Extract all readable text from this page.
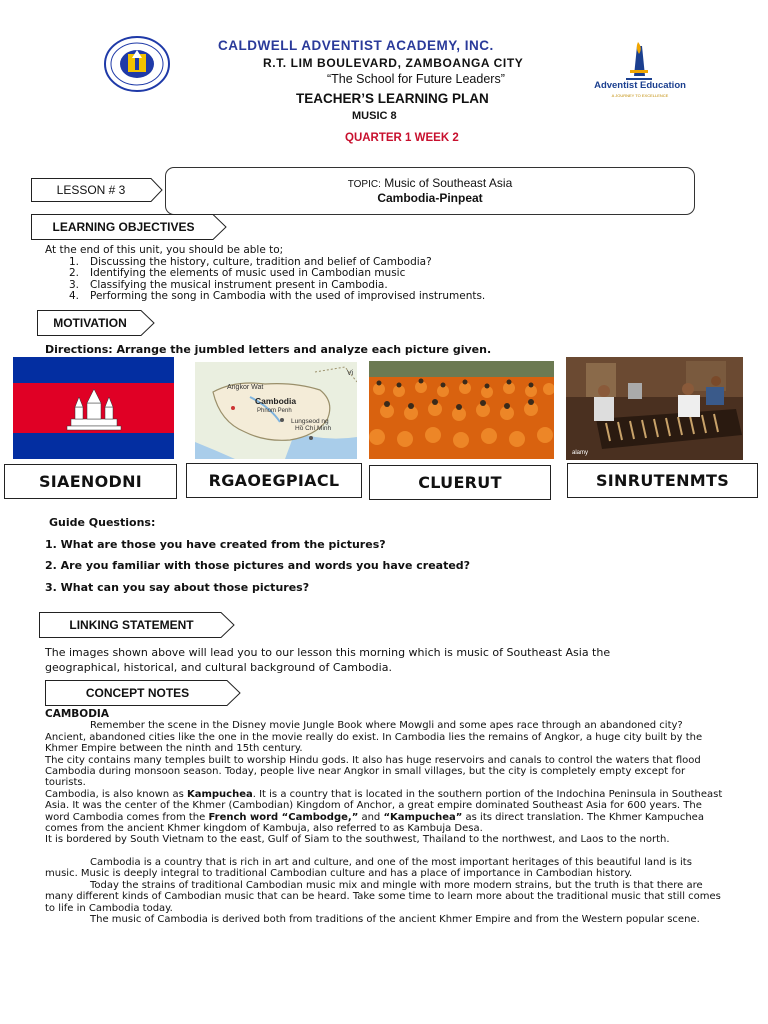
Adventist Education
A JOURNEY TO EXCELLENCE
CALDWELL ADVENTIST ACADEMY, INC.
R.T. LIM BOULEVARD, ZAMBOANGA CITY
“The School for Future Leaders”
TEACHER’S LEARNING PLAN
MUSIC 8
QUARTER 1 WEEK 2
LESSON # 3	TOPIC: Music of Southeast Asia
Cambodia-Pinpeat
LEARNING OBJECTIVES
At the end of this unit, you should be able to;
1. Discussing the history, culture, tradition and belief of Cambodia?
2. Identifying the elements of music used in Cambodian music
3. Classifying the musical instrument present in Cambodia.
4. Performing the song in Cambodia with the used of improvised instruments.
MOTIVATION
Directions: Arrange the jumbled letters and analyze each picture given.
Angkor Wat
Cambodia
Phnom Penh
Lungseod ng
Hồ Chí Minh
Vi
alamy
SIAENODNI	RGAOEGPIACL	CLUERUT	SINRUTENMTS
Guide Questions:
1. What are those you have created from the pictures?
2. Are you familiar with those pictures and words you have created?
3. What can you say about those pictures?
LINKING STATEMENT
The images shown above will lead you to our lesson this morning which is music of Southeast Asia the
geographical, historical, and cultural background of Cambodia.
CONCEPT NOTES
CAMBODIA
Remember the scene in the Disney movie Jungle Book where Mowgli and some apes race through an abandoned city? Ancient, abandoned cities like the one in the movie really do exist. In Cambodia lies the remains of Angkor, a huge city built by the Khmer Empire between the ninth and 15th century.
The city contains many temples built to worship Hindu gods. It also has huge reservoirs and canals to control the waters that flood Cambodia during monsoon season. Today, people live near Angkor in small villages, but the city is completely empty except for tourists.
Cambodia, is also known as Kampuchea. It is a country that is located in the southern portion of the Indochina Peninsula in Southeast Asia. It was the center of the Khmer (Cambodian) Kingdom of Anchor, a great empire dominated Southeast Asia for 600 years. The word Cambodia comes from the French word “Cambodge,” and “Kampuchea” as its direct translation. The Khmer Kampuchea comes from the ancient Khmer kingdom of Kambuja, also referred to as Kambuja Desa.
It is bordered by South Vietnam to the east, Gulf of Siam to the southwest, Thailand to the northwest, and Laos to the north.
Cambodia is a country that is rich in art and culture, and one of the most important heritages of this beautiful land is its music. Music is deeply integral to traditional Cambodian culture and has a place of importance in Cambodian history.
Today the strains of traditional Cambodian music mix and mingle with more modern strains, but the truth is that there are many different kinds of Cambodian music that can be heard. Take some time to learn more about the traditional music that still comes to life in Cambodia today.
The music of Cambodia is derived both from traditions of the ancient Khmer Empire and from the Western popular scene.
